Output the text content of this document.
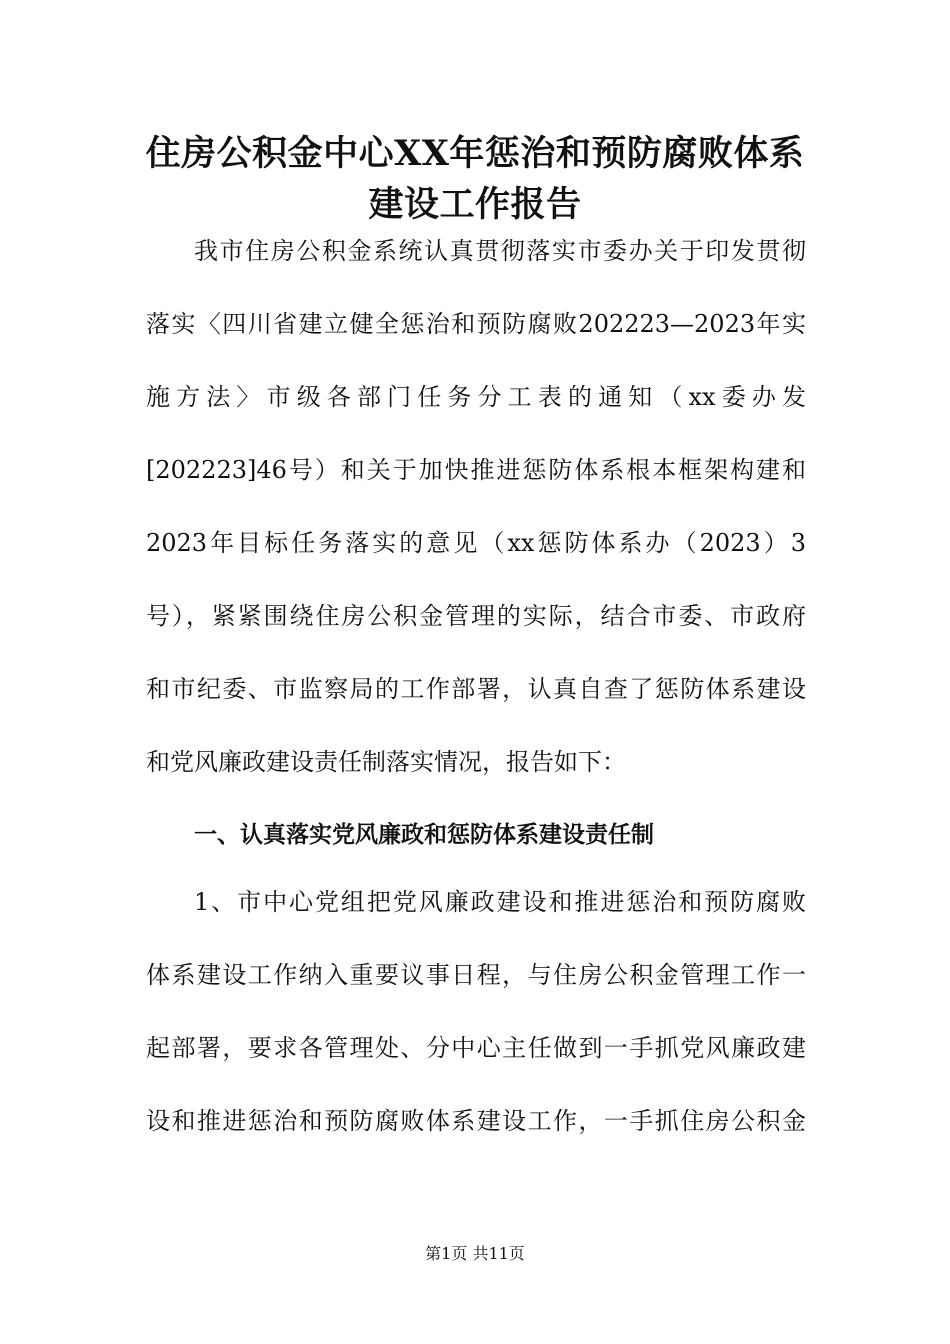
住房公积金中心XX年惩治和预防腐败体系
建设工作报告
我市住房公积金系统认真贯彻落实市委办关于印发贯彻
落实〈四川省建立健全惩治和预防腐败202223—2023年实
施方法〉市级各部门任务分工表的通知（xx委办发
[202223]46号）和关于加快推进惩防体系根本框架构建和
2023年目标任务落实的意见（xx惩防体系办（2023）3
号），紧紧围绕住房公积金管理的实际，结合市委、市政府
和市纪委、市监察局的工作部署，认真自查了惩防体系建设
和党风廉政建设责任制落实情况，报告如下：
一、认真落实党风廉政和惩防体系建设责任制
1、市中心党组把党风廉政建设和推进惩治和预防腐败
体系建设工作纳入重要议事日程，与住房公积金管理工作一
起部署，要求各管理处、分中心主任做到一手抓党风廉政建
设和推进惩治和预防腐败体系建设工作，一手抓住房公积金
第1页 共11页
